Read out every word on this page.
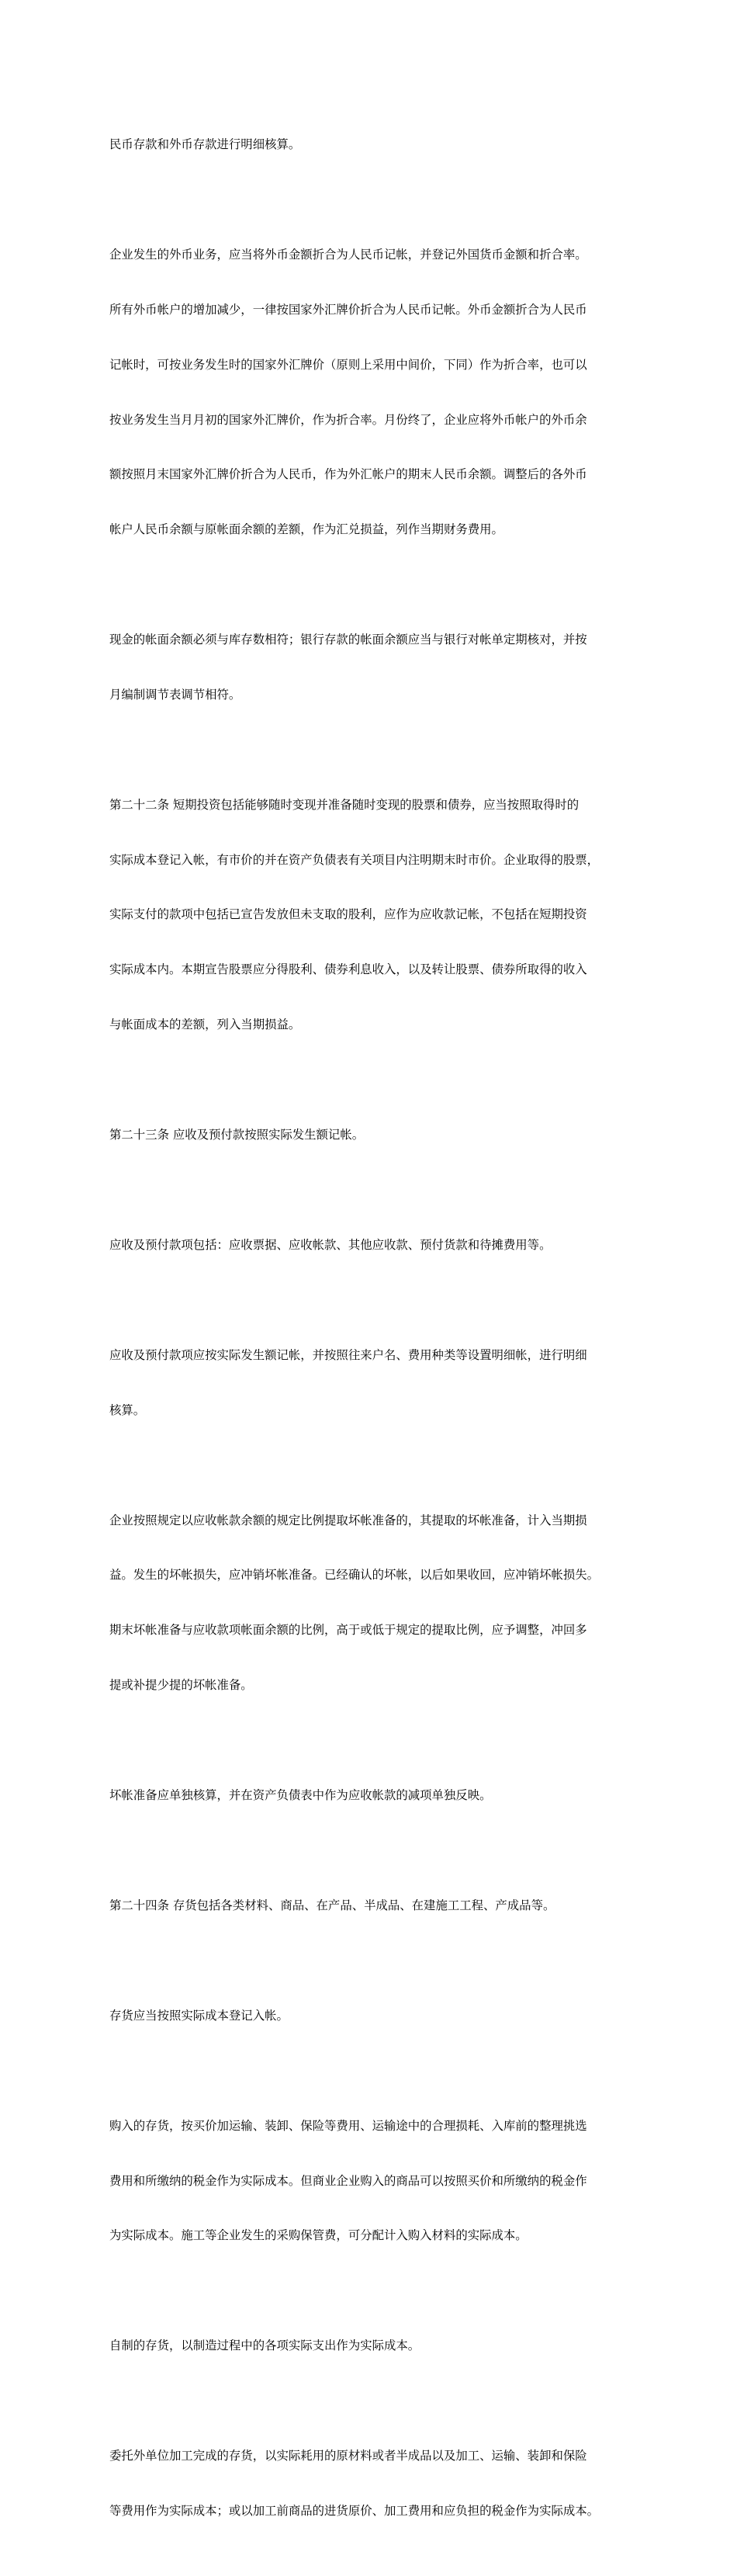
民币存款和外币存款进行明细核算。

企业发生的外币业务，应当将外币金额折合为人民币记帐，并登记外国货币金额和折合率。

所有外币帐户的增加减少，一律按国家外汇牌价折合为人民币记帐。外币金额折合为人民币

记帐时，可按业务发生时的国家外汇牌价（原则上采用中间价，下同）作为折合率，也可以

按业务发生当月月初的国家外汇牌价，作为折合率。月份终了，企业应将外币帐户的外币余

额按照月末国家外汇牌价折合为人民币，作为外汇帐户的期末人民币余额。调整后的各外币

帐户人民币余额与原帐面余额的差额，作为汇兑损益，列作当期财务费用。

现金的帐面余额必须与库存数相符；银行存款的帐面余额应当与银行对帐单定期核对，并按

月编制调节表调节相符。

第二十二条 短期投资包括能够随时变现并准备随时变现的股票和债券，应当按照取得时的

实际成本登记入帐，有市价的并在资产负债表有关项目内注明期末时市价。企业取得的股票，

实际支付的款项中包括已宣告发放但未支取的股利，应作为应收款记帐，不包括在短期投资

实际成本内。本期宣告股票应分得股利、债券利息收入，以及转让股票、债券所取得的收入

与帐面成本的差额，列入当期损益。

第二十三条 应收及预付款按照实际发生额记帐。

应收及预付款项包括：应收票据、应收帐款、其他应收款、预付货款和待摊费用等。

应收及预付款项应按实际发生额记帐，并按照往来户名、费用种类等设置明细帐，进行明细

核算。

企业按照规定以应收帐款余额的规定比例提取坏帐准备的，其提取的坏帐准备，计入当期损

益。发生的坏帐损失，应冲销坏帐准备。已经确认的坏帐，以后如果收回，应冲销坏帐损失。

期末坏帐准备与应收款项帐面余额的比例，高于或低于规定的提取比例，应予调整，冲回多

提或补提少提的坏帐准备。

坏帐准备应单独核算，并在资产负债表中作为应收帐款的减项单独反映。

第二十四条 存货包括各类材料、商品、在产品、半成品、在建施工工程、产成品等。

存货应当按照实际成本登记入帐。

购入的存货，按买价加运输、装卸、保险等费用、运输途中的合理损耗、入库前的整理挑选

费用和所缴纳的税金作为实际成本。但商业企业购入的商品可以按照买价和所缴纳的税金作

为实际成本。施工等企业发生的采购保管费，可分配计入购入材料的实际成本。

自制的存货，以制造过程中的各项实际支出作为实际成本。

委托外单位加工完成的存货，以实际耗用的原材料或者半成品以及加工、运输、装卸和保险

等费用作为实际成本；或以加工前商品的进货原价、加工费用和应负担的税金作为实际成本。
